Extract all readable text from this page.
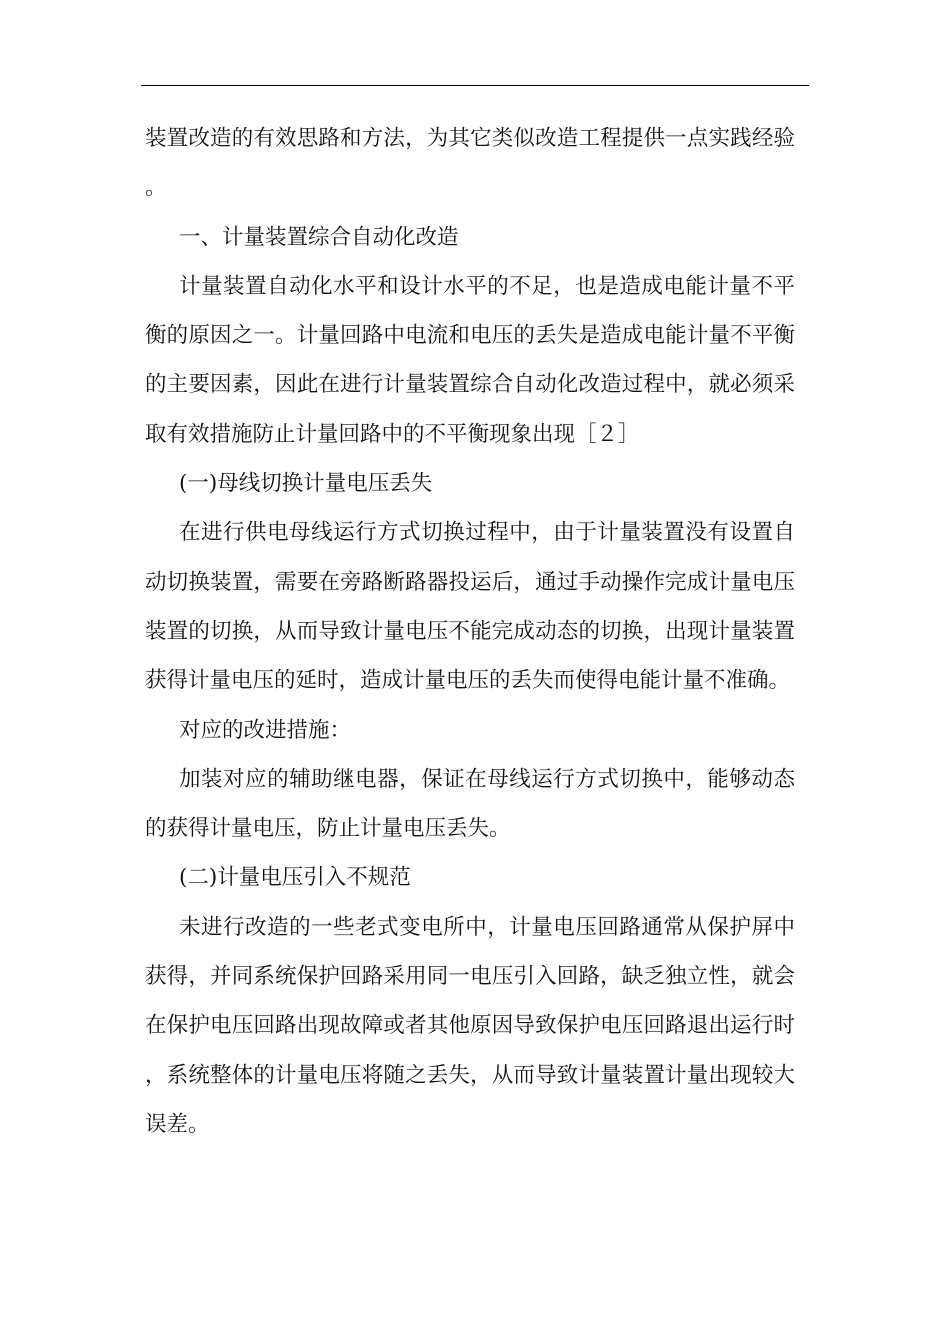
装置改造的有效思路和方法，为其它类似改造工程提供一点实践经验。

一、计量装置综合自动化改造

计量装置自动化水平和设计水平的不足，也是造成电能计量不平衡的原因之一。计量回路中电流和电压的丢失是造成电能计量不平衡的主要因素，因此在进行计量装置综合自动化改造过程中，就必须采取有效措施防止计量回路中的不平衡现象出现［２］

(一)母线切换计量电压丢失

在进行供电母线运行方式切换过程中，由于计量装置没有设置自动切换装置，需要在旁路断路器投运后，通过手动操作完成计量电压装置的切换，从而导致计量电压不能完成动态的切换，出现计量装置获得计量电压的延时，造成计量电压的丢失而使得电能计量不准确。

对应的改进措施：

加装对应的辅助继电器，保证在母线运行方式切换中，能够动态的获得计量电压，防止计量电压丢失。

(二)计量电压引入不规范

未进行改造的一些老式变电所中，计量电压回路通常从保护屏中获得，并同系统保护回路采用同一电压引入回路，缺乏独立性，就会在保护电压回路出现故障或者其他原因导致保护电压回路退出运行时，系统整体的计量电压将随之丢失，从而导致计量装置计量出现较大误差。
